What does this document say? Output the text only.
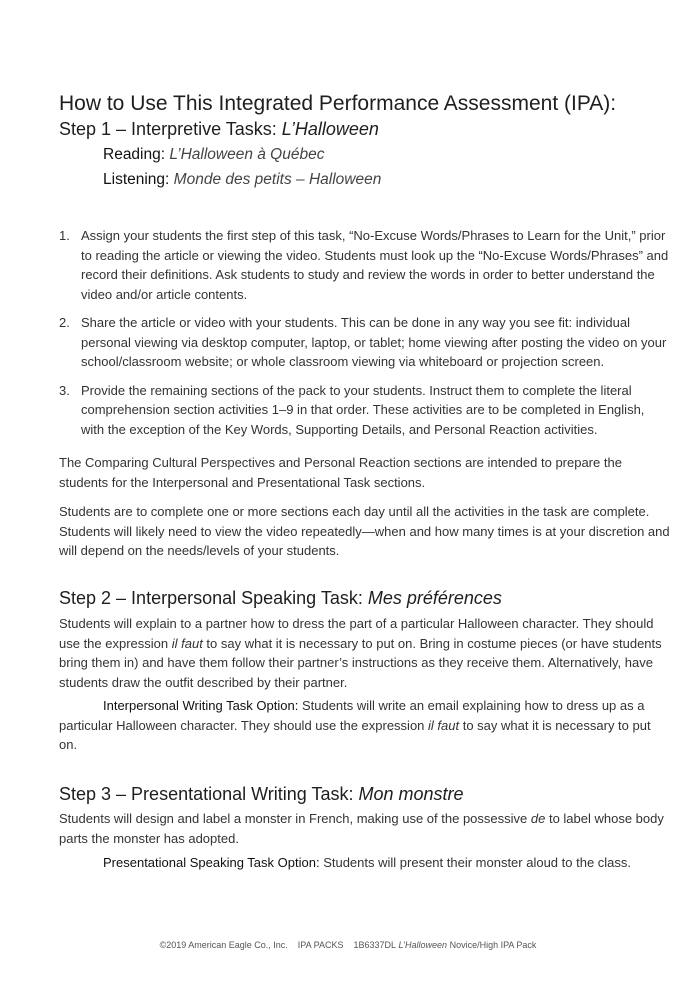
How to Use This Integrated Performance Assessment (IPA):
Step 1 – Interpretive Tasks: L’Halloween
Reading: L’Halloween à Québec
Listening: Monde des petits – Halloween
1. Assign your students the first step of this task, “No-Excuse Words/Phrases to Learn for the Unit,” prior to reading the article or viewing the video. Students must look up the “No-Excuse Words/Phrases” and record their definitions. Ask students to study and review the words in order to better understand the video and/or article contents.
2. Share the article or video with your students. This can be done in any way you see fit: individual personal viewing via desktop computer, laptop, or tablet; home viewing after posting the video on your school/classroom website; or whole classroom viewing via whiteboard or projection screen.
3. Provide the remaining sections of the pack to your students. Instruct them to complete the literal comprehension section activities 1–9 in that order. These activities are to be completed in English, with the exception of the Key Words, Supporting Details, and Personal Reaction activities.

The Comparing Cultural Perspectives and Personal Reaction sections are intended to prepare the students for the Interpersonal and Presentational Task sections.

Students are to complete one or more sections each day until all the activities in the task are complete. Students will likely need to view the video repeatedly—when and how many times is at your discretion and will depend on the needs/levels of your students.

Step 2 – Interpersonal Speaking Task: Mes préférences

Students will explain to a partner how to dress the part of a particular Halloween character. They should use the expression il faut to say what it is necessary to put on. Bring in costume pieces (or have students bring them in) and have them follow their partner’s instructions as they receive them. Alternatively, have students draw the outfit described by their partner.

Interpersonal Writing Task Option: Students will write an email explaining how to dress up as a particular Halloween character. They should use the expression il faut to say what it is necessary to put on.

Step 3 – Presentational Writing Task: Mon monstre

Students will design and label a monster in French, making use of the possessive de to label whose body parts the monster has adopted.

Presentational Speaking Task Option: Students will present their monster aloud to the class.

©2019 American Eagle Co., Inc. IPA PACKS 1B6337DL L’Halloween Novice/High IPA Pack
